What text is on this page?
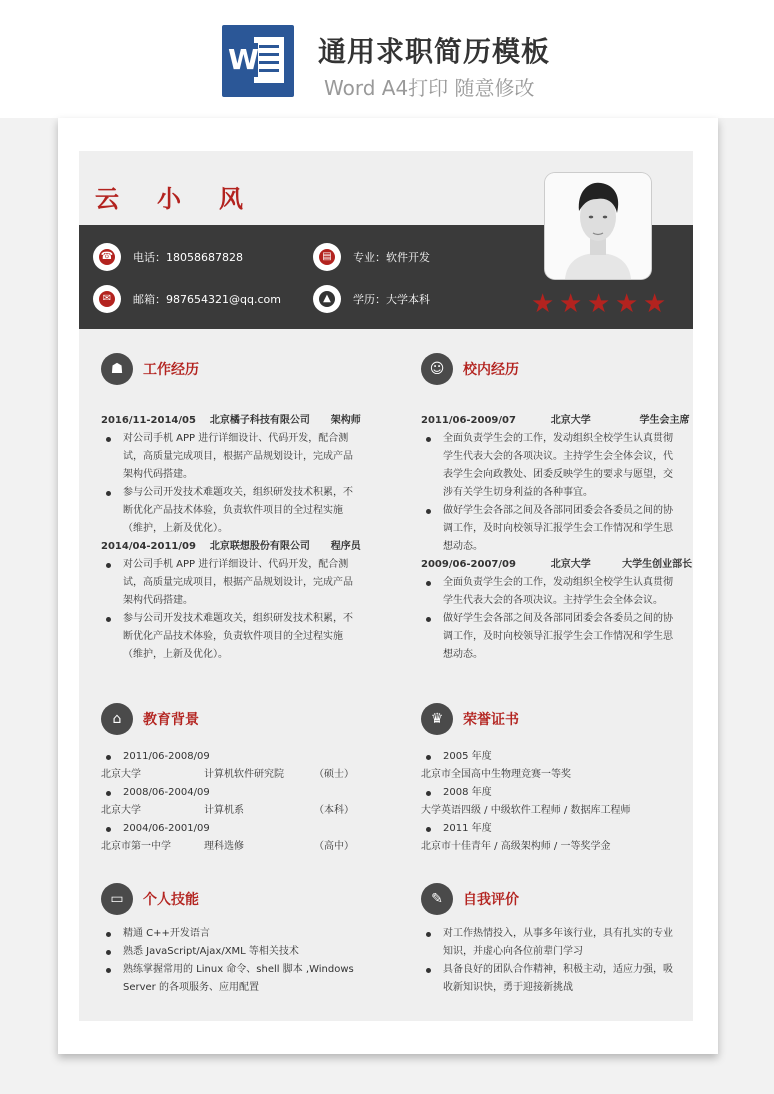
W 通用求职简历模板
Word A4打印 随意修改
云小风
☎	电话：18058687828	▤	专业：软件开发
✉	邮箱：987654321@qq.com	▲	学历：大学本科	★ ★ ★ ★ ★
☗	工作经历
2016/11-2014/05    北京橘子科技有限公司      架构师
对公司手机 APP 进行详细设计、代码开发，配合测试，高质量完成项目，根据产品规划设计，完成产品架构代码搭建。
参与公司开发技术难题攻关，组织研发技术积累，不断优化产品技术体验，负责软件项目的全过程实施（维护，上新及优化）。
2014/04-2011/09    北京联想股份有限公司      程序员
对公司手机 APP 进行详细设计、代码开发，配合测试，高质量完成项目，根据产品规划设计，完成产品架构代码搭建。
参与公司开发技术难题攻关，组织研发技术积累，不断优化产品技术体验，负责软件项目的全过程实施（维护，上新及优化）。
☺	校内经历
2011/06-2009/07          北京大学              学生会主席
全面负责学生会的工作，发动组织全校学生认真贯彻学生代表大会的各项决议。主持学生会全体会议，代表学生会向政教处、团委反映学生的要求与愿望，交涉有关学生切身利益的各种事宜。
做好学生会各部之间及各部同团委会各委员之间的协调工作，及时向校领导汇报学生会工作情况和学生思想动态。
2009/06-2007/09          北京大学         大学生创业部长
全面负责学生会的工作，发动组织全校学生认真贯彻学生代表大会的各项决议。主持学生会全体会议。
做好学生会各部之间及各部同团委会各委员之间的协调工作，及时向校领导汇报学生会工作情况和学生思想动态。
⌂	教育背景
2011/06-2008/09
北京大学	计算机软件研究院	（硕士）
2008/06-2004/09
北京大学	计算机系	（本科）
2004/06-2001/09
北京市第一中学	理科选修	（高中）
♛	荣誉证书
2005 年度
北京市全国高中生物理竞赛一等奖
2008 年度
大学英语四级 / 中级软件工程师 / 数据库工程师
2011 年度
北京市十佳青年 / 高级架构师 / 一等奖学金
▭	个人技能
精通 C++开发语言
熟悉 JavaScript/Ajax/XML 等相关技术
熟练掌握常用的 Linux 命令、shell 脚本 ,Windows Server 的各项服务、应用配置
✎	自我评价
对工作热情投入，从事多年该行业，具有扎实的专业知识，并虚心向各位前辈门学习
具备良好的团队合作精神，积极主动，适应力强，吸收新知识快，勇于迎接新挑战
